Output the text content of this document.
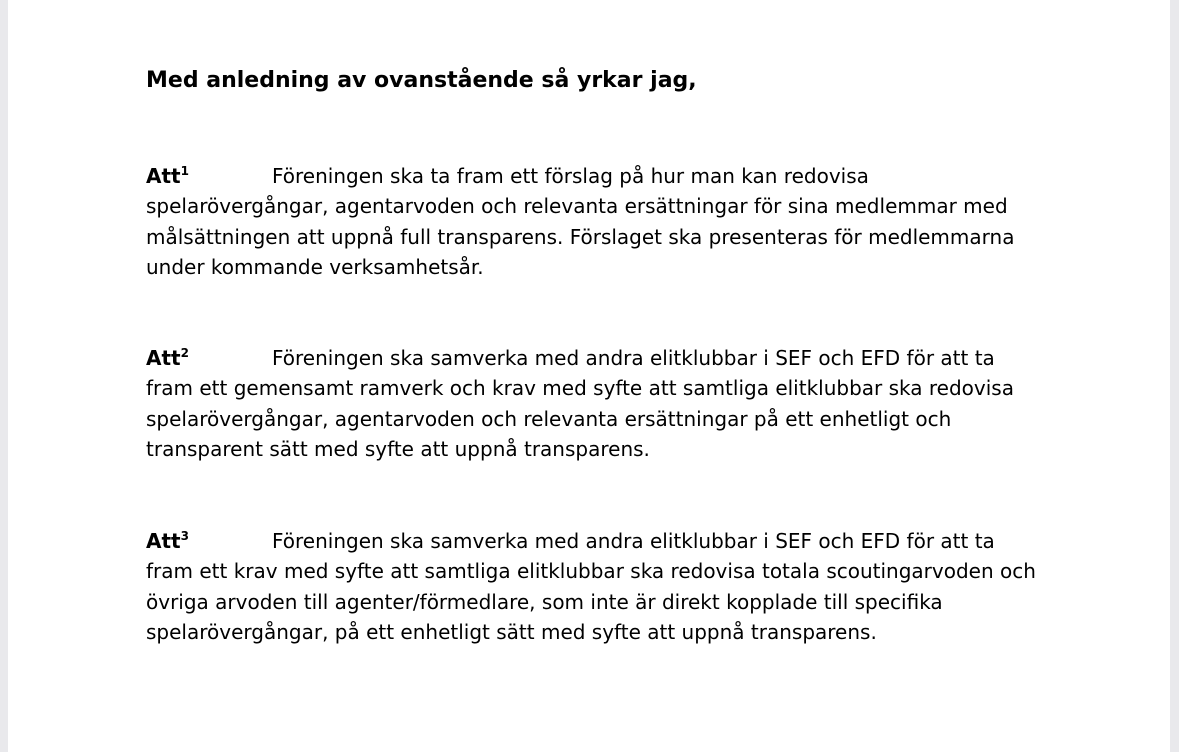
Med anledning av ovanstående så yrkar jag,
Att$^1$	Föreningen ska ta fram ett förslag på hur man kan redovisa spelarövergångar, agentarvoden och relevanta ersättningar för sina medlemmar med målsättningen att uppnå full transparens. Förslaget ska presenteras för medlemmarna under kommande verksamhetsår.

Att$^2$	Föreningen ska samverka med andra elitklubbar i SEF och EFD för att ta fram ett gemensamt ramverk och krav med syfte att samtliga elitklubbar ska redovisa spelarövergångar, agentarvoden och relevanta ersättningar på ett enhetligt och transparent sätt med syfte att uppnå transparens.

Att$^3$	Föreningen ska samverka med andra elitklubbar i SEF och EFD för att ta fram ett krav med syfte att samtliga elitklubbar ska redovisa totala scoutingarvoden och övriga arvoden till agenter/förmedlare, som inte är direkt kopplade till specifika spelarövergångar, på ett enhetligt sätt med syfte att uppnå transparens.
